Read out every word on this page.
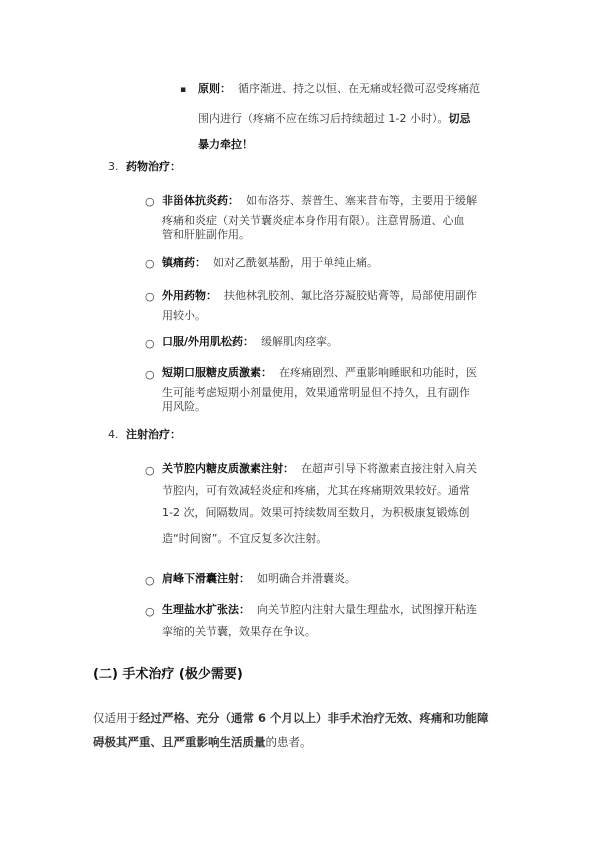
▪ 原则： 循序渐进、持之以恒、在无痛或轻微可忍受疼痛范
围内进行（疼痛不应在练习后持续超过 1-2 小时）。切忌
暴力牵拉！
3. 药物治疗：
○ 非甾体抗炎药： 如布洛芬、萘普生、塞来昔布等，主要用于缓解
疼痛和炎症（对关节囊炎症本身作用有限）。注意胃肠道、心血
管和肝脏副作用。
○ 镇痛药： 如对乙酰氨基酚，用于单纯止痛。
○ 外用药物： 扶他林乳胶剂、氟比洛芬凝胶贴膏等，局部使用副作
用较小。
○ 口服/外用肌松药： 缓解肌肉痉挛。
○ 短期口服糖皮质激素： 在疼痛剧烈、严重影响睡眠和功能时，医
生可能考虑短期小剂量使用，效果通常明显但不持久，且有副作
用风险。
4. 注射治疗：
○ 关节腔内糖皮质激素注射： 在超声引导下将激素直接注射入肩关
节腔内，可有效减轻炎症和疼痛，尤其在疼痛期效果较好。通常
1-2 次，间隔数周。效果可持续数周至数月，为积极康复锻炼创
造“时间窗”。不宜反复多次注射。
○ 肩峰下滑囊注射： 如明确合并滑囊炎。
○ 生理盐水扩张法： 向关节腔内注射大量生理盐水，试图撑开粘连
挛缩的关节囊，效果存在争议。
(二) 手术治疗 (极少需要)
仅适用于经过严格、充分（通常 6 个月以上）非手术治疗无效、疼痛和功能障
碍极其严重、且严重影响生活质量的患者。
